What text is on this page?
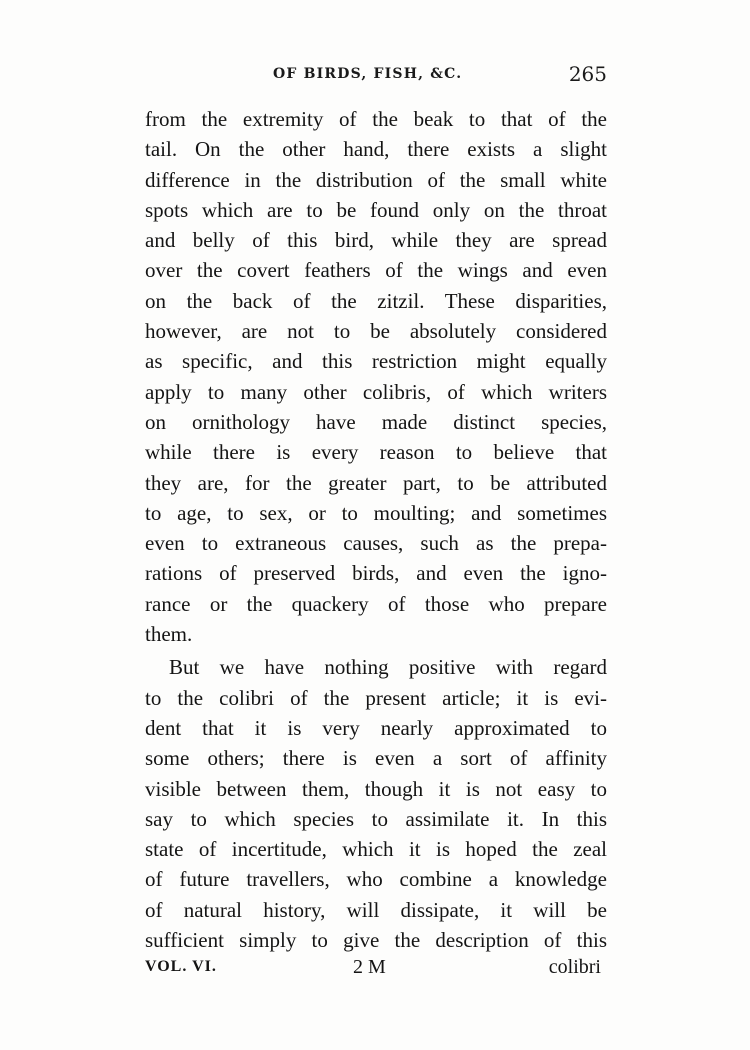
OF BIRDS, FISH, &C.	265
from the extremity of the beak to that of the
tail. On the other hand, there exists a slight
difference in the distribution of the small white
spots which are to be found only on the throat
and belly of this bird, while they are spread
over the covert feathers of the wings and even
on the back of the zitzil. These disparities,
however, are not to be absolutely considered
as specific, and this restriction might equally
apply to many other colibris, of which writers
on ornithology have made distinct species,
while there is every reason to believe that
they are, for the greater part, to be attributed
to age, to sex, or to moulting; and sometimes
even to extraneous causes, such as the prepa-
rations of preserved birds, and even the igno-
rance or the quackery of those who prepare
them.
But we have nothing positive with regard
to the colibri of the present article; it is evi-
dent that it is very nearly approximated to
some others; there is even a sort of affinity
visible between them, though it is not easy to
say to which species to assimilate it. In this
state of incertitude, which it is hoped the zeal
of future travellers, who combine a knowledge
of natural history, will dissipate, it will be
sufficient simply to give the description of this
VOL. VI.	2 M	colibri
